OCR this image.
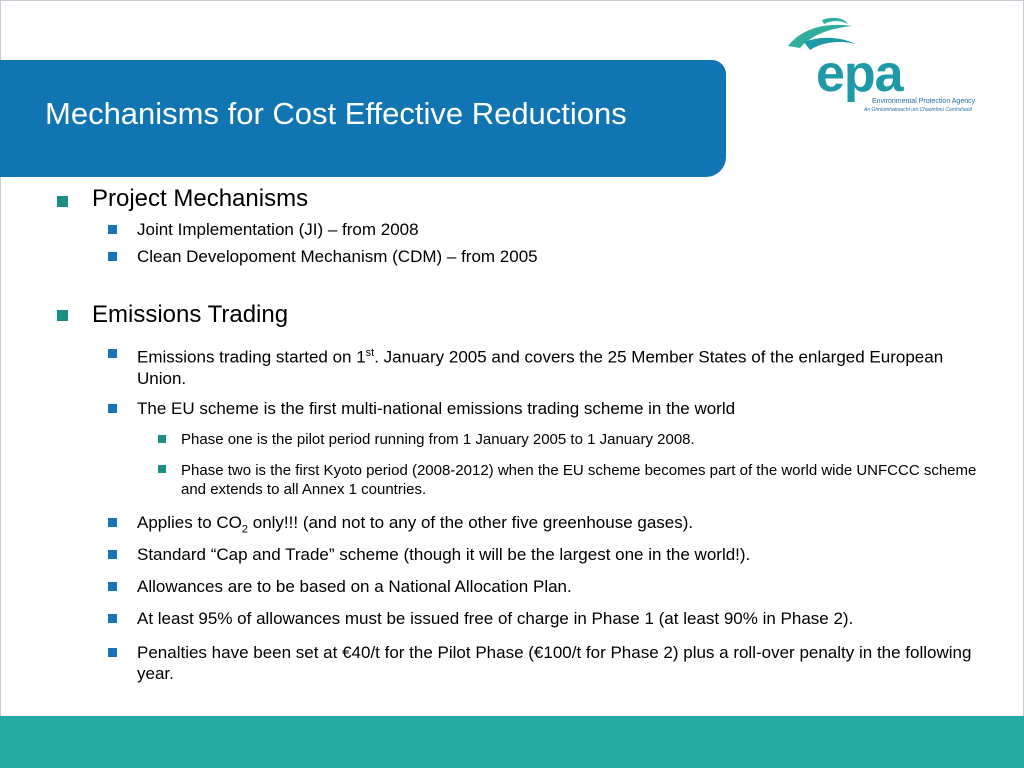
Mechanisms for Cost Effective Reductions
epa
Environmental Protection Agency
An Ghníomhaireacht um Chaomhnú Comhshaoil
Project Mechanisms
Joint Implementation (JI) – from 2008
Clean Developoment Mechanism (CDM) – from 2005
Emissions Trading
Emissions trading started on 1st. January 2005 and covers the 25 Member States of the enlarged European Union.
The EU scheme is the first multi-national emissions trading scheme in the world
Phase one is the pilot period running from 1 January 2005 to 1 January 2008.
Phase two is the first Kyoto period (2008-2012) when the EU scheme becomes part of the world wide UNFCCC scheme and extends to all Annex 1 countries.
Applies to $CO_2$ only!!! (and not to any of the other five greenhouse gases).
Standard “Cap and Trade” scheme (though it will be the largest one in the world!).
Allowances are to be based on a National Allocation Plan.
At least 95% of allowances must be issued free of charge in Phase 1 (at least 90% in Phase 2).
Penalties have been set at €40/t for the Pilot Phase (€100/t for Phase 2) plus a roll-over penalty in the following year.
